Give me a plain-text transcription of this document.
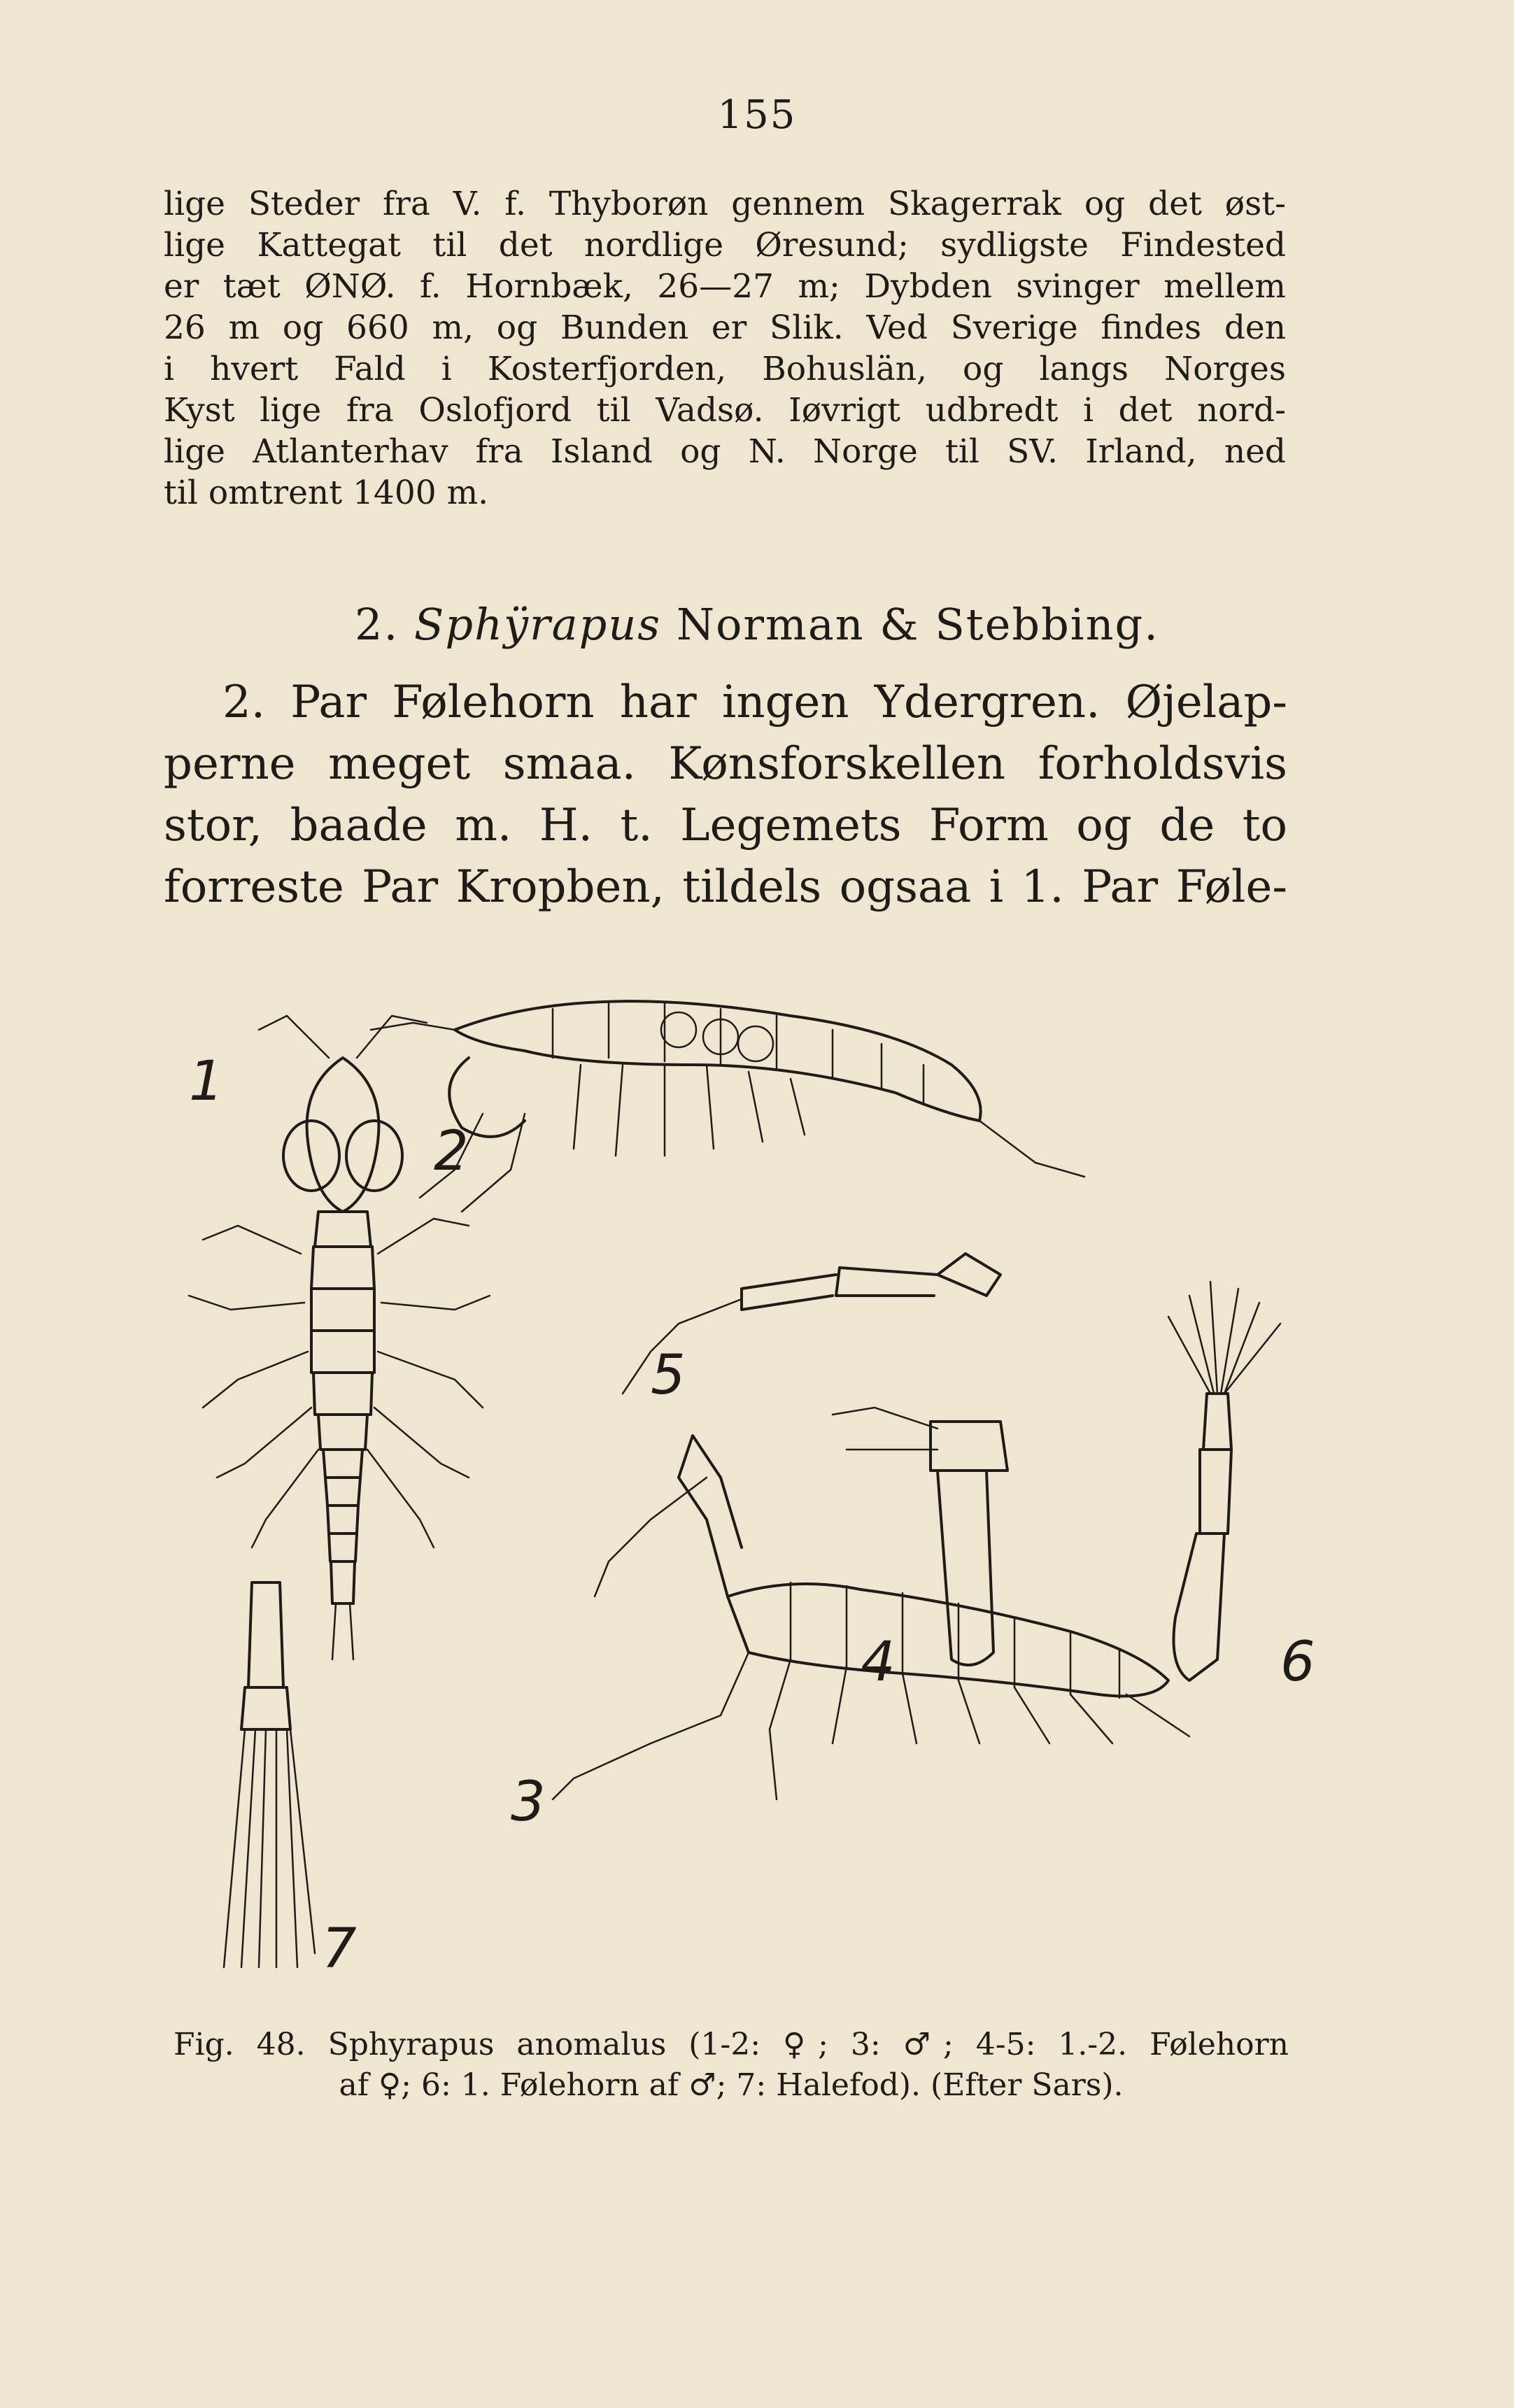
155
lige Steder fra V. f. Thyborøn gennem Skagerrak og det øst-
lige Kattegat til det nordlige Øresund; sydligste Findested
er tæt ØNØ. f. Hornbæk, 26—27 m; Dybden svinger mellem
26 m og 660 m, og Bunden er Slik. Ved Sverige findes den
i hvert Fald i Kosterfjorden, Bohuslän, og langs Norges
Kyst lige fra Oslofjord til Vadsø. Iøvrigt udbredt i det nord-
lige Atlanterhav fra Island og N. Norge til SV. Irland, ned
til omtrent 1400 m.
2. Sphÿrapus Norman & Stebbing.
2. Par Følehorn har ingen Ydergren. Øjelap-
perne meget smaa. Kønsforskellen forholdsvis
stor, baade m. H. t. Legemets Form og de to
forreste Par Kropben, tildels ogsaa i 1. Par Føle-
1
2
5
6
4
3
7
Fig. 48. Sphyrapus anomalus (1-2: ♀; 3: ♂; 4-5: 1.-2. Følehorn
af ♀; 6: 1. Følehorn af ♂; 7: Halefod). (Efter Sars).
